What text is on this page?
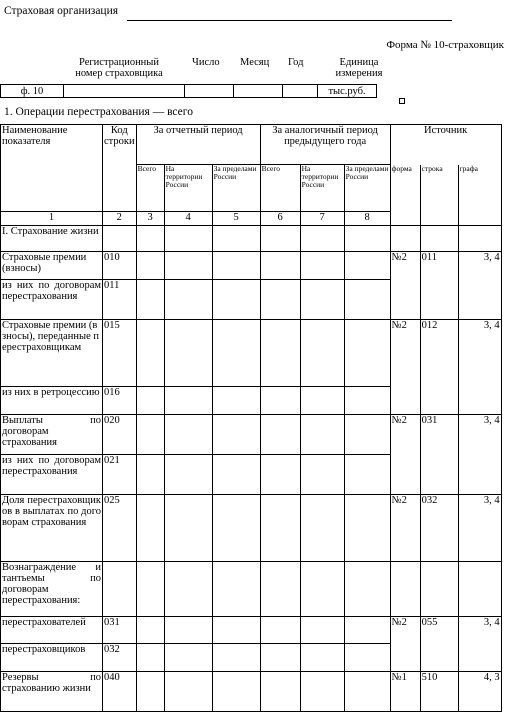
Страховая организация
Форма № 10-страховщик
Регистрационный
номер страховщика
Число Месяц Год	Единица
измерения
ф. 10					тыс.руб.
1. Операции перестрахования — всего
Наименование показателя	Код строки	За отчетный период			За аналогичный период предыдущего года			Источник		
		Всего	На территории России	За пределами России	Всего	На территории России	За пределами России	форма	строка	графа
1	2	3	4	5	6	7	8			
I. Страхование жизни										
Страховые премии (взносы)	010							№2	011	3, 4
из них по договорам перестрахования	011									
Страховые премии (взносы), переданные перестраховщикам	015							№2	012	3, 4
из них в ретроцессию	016									
Выплаты по договорам страхования	020							№2	031	3, 4
из них по договорам перестрахования	021									
Доля перестраховщиков в выплатах по договорам страхования	025							№2	032	3, 4
Вознаграждение и тантьемы по договорам перестрахования:										
перестрахователей	031							№2	055	3, 4
перестраховщиков	032									
Резервы по страхованию жизни	040							№1	510	4, 3
